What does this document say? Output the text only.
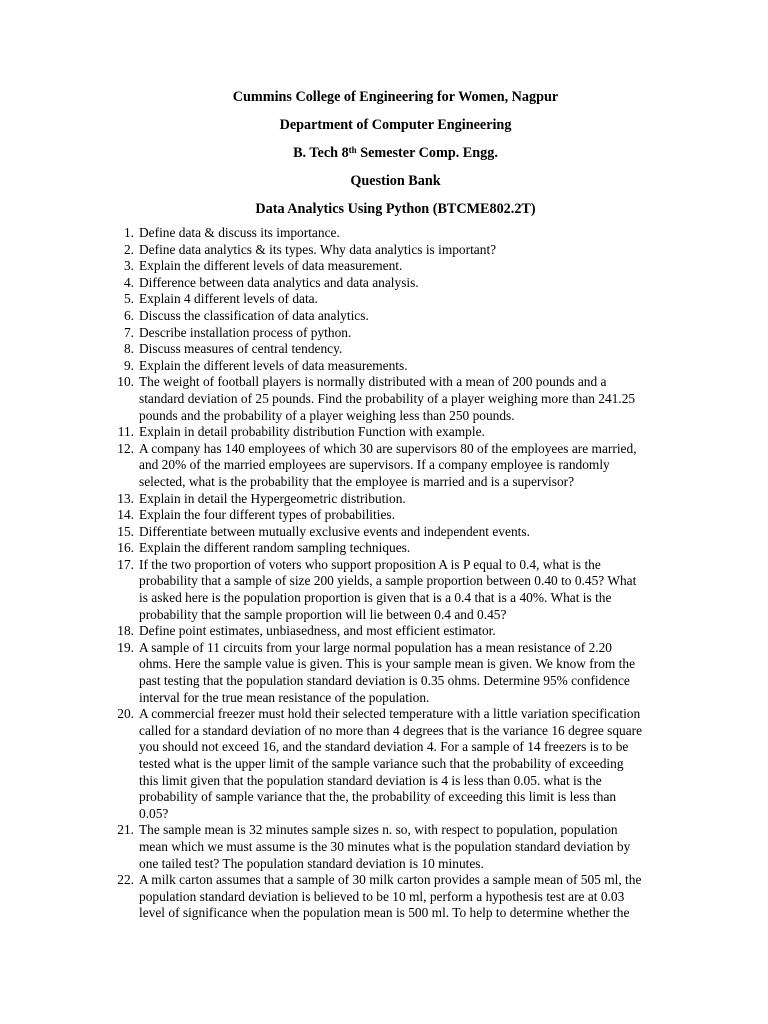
Cummins College of Engineering for Women, Nagpur
Department of Computer Engineering
B. Tech 8th Semester Comp. Engg.
Question Bank
Data Analytics Using Python (BTCME802.2T)
1. Define data & discuss its importance.
2. Define data analytics & its types. Why data analytics is important?
3. Explain the different levels of data measurement.
4. Difference between data analytics and data analysis.
5. Explain 4 different levels of data.
6. Discuss the classification of data analytics.
7. Describe installation process of python.
8. Discuss measures of central tendency.
9. Explain the different levels of data measurements.
10. The weight of football players is normally distributed with a mean of 200 pounds and a
standard deviation of 25 pounds. Find the probability of a player weighing more than 241.25
pounds and the probability of a player weighing less than 250 pounds.
11. Explain in detail probability distribution Function with example.
12. A company has 140 employees of which 30 are supervisors 80 of the employees are married,
and 20% of the married employees are supervisors. If a company employee is randomly
selected, what is the probability that the employee is married and is a supervisor?
13. Explain in detail the Hypergeometric distribution.
14. Explain the four different types of probabilities.
15. Differentiate between mutually exclusive events and independent events.
16. Explain the different random sampling techniques.
17. If the two proportion of voters who support proposition A is P equal to 0.4, what is the
probability that a sample of size 200 yields, a sample proportion between 0.40 to 0.45? What
is asked here is the population proportion is given that is a 0.4 that is a 40%. What is the
probability that the sample proportion will lie between 0.4 and 0.45?
18. Define point estimates, unbiasedness, and most efficient estimator.
19. A sample of 11 circuits from your large normal population has a mean resistance of 2.20
ohms. Here the sample value is given. This is your sample mean is given. We know from the
past testing that the population standard deviation is 0.35 ohms. Determine 95% confidence
interval for the true mean resistance of the population.
20. A commercial freezer must hold their selected temperature with a little variation specification
called for a standard deviation of no more than 4 degrees that is the variance 16 degree square
you should not exceed 16, and the standard deviation 4. For a sample of 14 freezers is to be
tested what is the upper limit of the sample variance such that the probability of exceeding
this limit given that the population standard deviation is 4 is less than 0.05. what is the
probability of sample variance that the, the probability of exceeding this limit is less than
0.05?
21. The sample mean is 32 minutes sample sizes n. so, with respect to population, population
mean which we must assume is the 30 minutes what is the population standard deviation by
one tailed test? The population standard deviation is 10 minutes.
22. A milk carton assumes that a sample of 30 milk carton provides a sample mean of 505 ml, the
population standard deviation is believed to be 10 ml, perform a hypothesis test are at 0.03
level of significance when the population mean is 500 ml. To help to determine whether the
